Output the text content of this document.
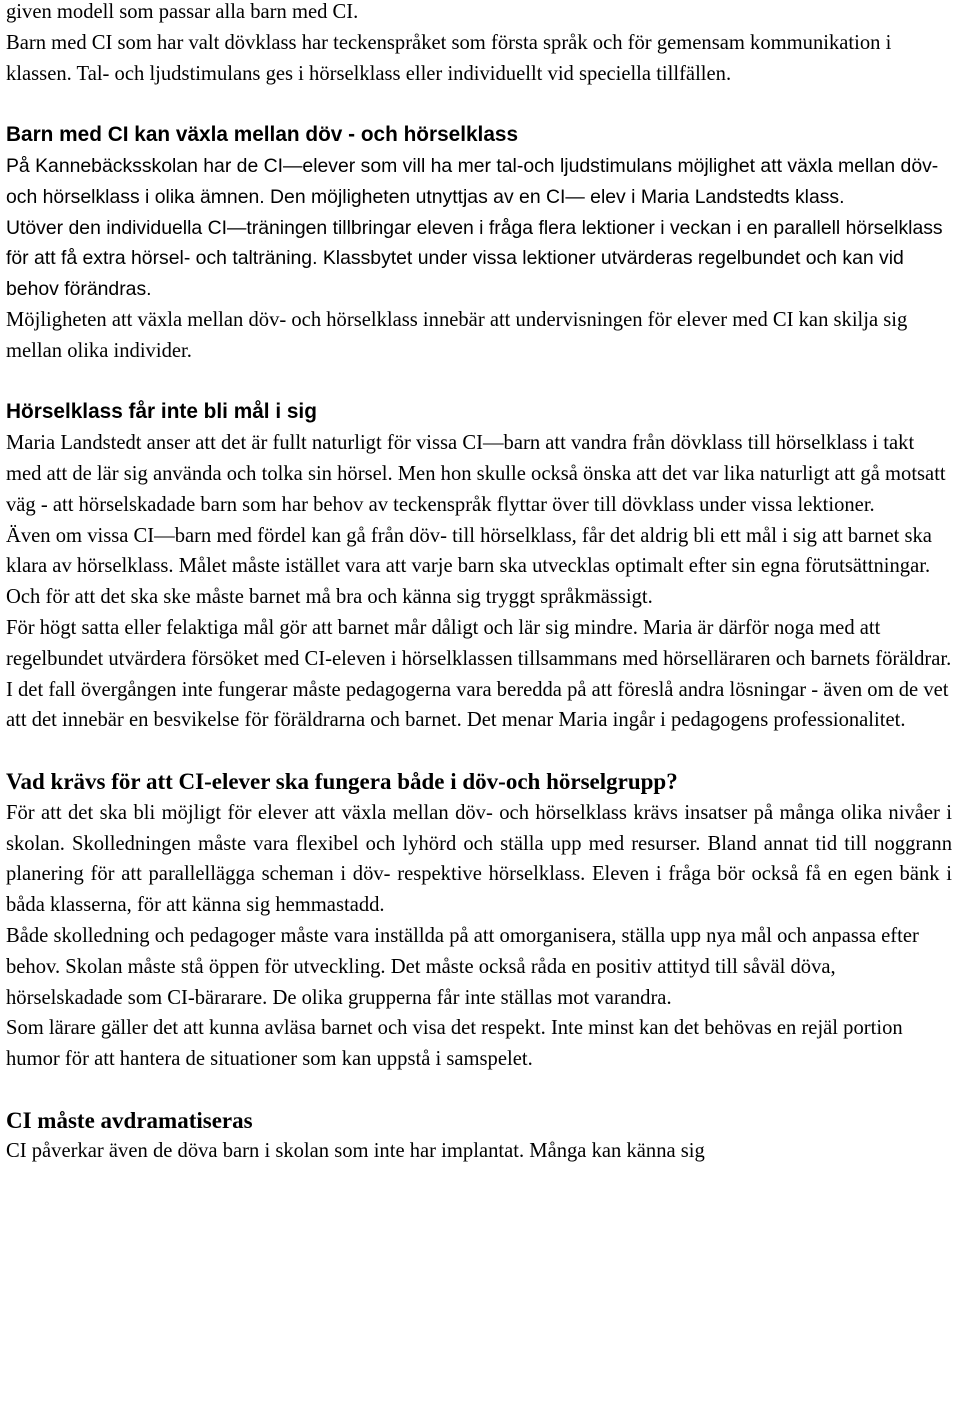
given modell som passar alla barn med CI.

Barn med CI som har valt dövklass har teckenspråket som första språk och för gemensam kommunikation i klassen. Tal- och ljudstimulans ges i hörselklass eller individuellt vid speciella tillfällen.

Barn med CI kan växla mellan döv - och hörselklass

På Kannebäcksskolan har de CI—elever som vill ha mer tal-och ljudstimulans möjlighet att växla mellan döv- och hörselklass i olika ämnen. Den möjligheten utnyttjas av en CI— elev i Maria Landstedts klass.

Utöver den individuella CI—träningen tillbringar eleven i fråga flera lektioner i veckan i en parallell hörselklass för att få extra hörsel- och talträning. Klassbytet under vissa lektioner utvärderas regelbundet och kan vid behov förändras.

Möjligheten att växla mellan döv- och hörselklass innebär att undervisningen för elever med CI kan skilja sig mellan olika individer.

Hörselklass får inte bli mål i sig

Maria Landstedt anser att det är fullt naturligt för vissa CI—barn att vandra från dövklass till hörselklass i takt med att de lär sig använda och tolka sin hörsel. Men hon skulle också önska att det var lika naturligt att gå motsatt väg - att hörselskadade barn som har behov av teckenspråk flyttar över till dövklass under vissa lektioner.

Även om vissa CI—barn med fördel kan gå från döv- till hörselklass, får det aldrig bli ett mål i sig att barnet ska klara av hörselklass. Målet måste istället vara att varje barn ska utvecklas optimalt efter sin egna förutsättningar. Och för att det ska ske måste barnet må bra och känna sig tryggt språkmässigt.

För högt satta eller felaktiga mål gör att barnet mår dåligt och lär sig mindre. Maria är därför noga med att regelbundet utvärdera försöket med CI-eleven i hörselklassen tillsammans med hörselläraren och barnets föräldrar.

I det fall övergången inte fungerar måste pedagogerna vara beredda på att föreslå andra lösningar - även om de vet att det innebär en besvikelse för föräldrarna och barnet. Det menar Maria ingår i pedagogens professionalitet.

Vad krävs för att CI-elever ska fungera både i döv-och hörselgrupp?

För att det ska bli möjligt för elever att växla mellan döv- och hörselklass krävs insatser på många olika nivåer i skolan. Skolledningen måste vara flexibel och lyhörd och ställa upp med resurser. Bland annat tid till noggrann planering för att parallellägga scheman i döv- respektive hörselklass. Eleven i fråga bör också få en egen bänk i båda klasserna, för att känna sig hemmastadd.

Både skolledning och pedagoger måste vara inställda på att omorganisera, ställa upp nya mål och anpassa efter behov. Skolan måste stå öppen för utveckling. Det måste också råda en positiv attityd till såväl döva, hörselskadade som CI-bärarare. De olika grupperna får inte ställas mot varandra.

Som lärare gäller det att kunna avläsa barnet och visa det respekt. Inte minst kan det behövas en rejäl portion humor för att hantera de situationer som kan uppstå i samspelet.

CI måste avdramatiseras

CI påverkar även de döva barn i skolan som inte har implantat. Många kan känna sig
